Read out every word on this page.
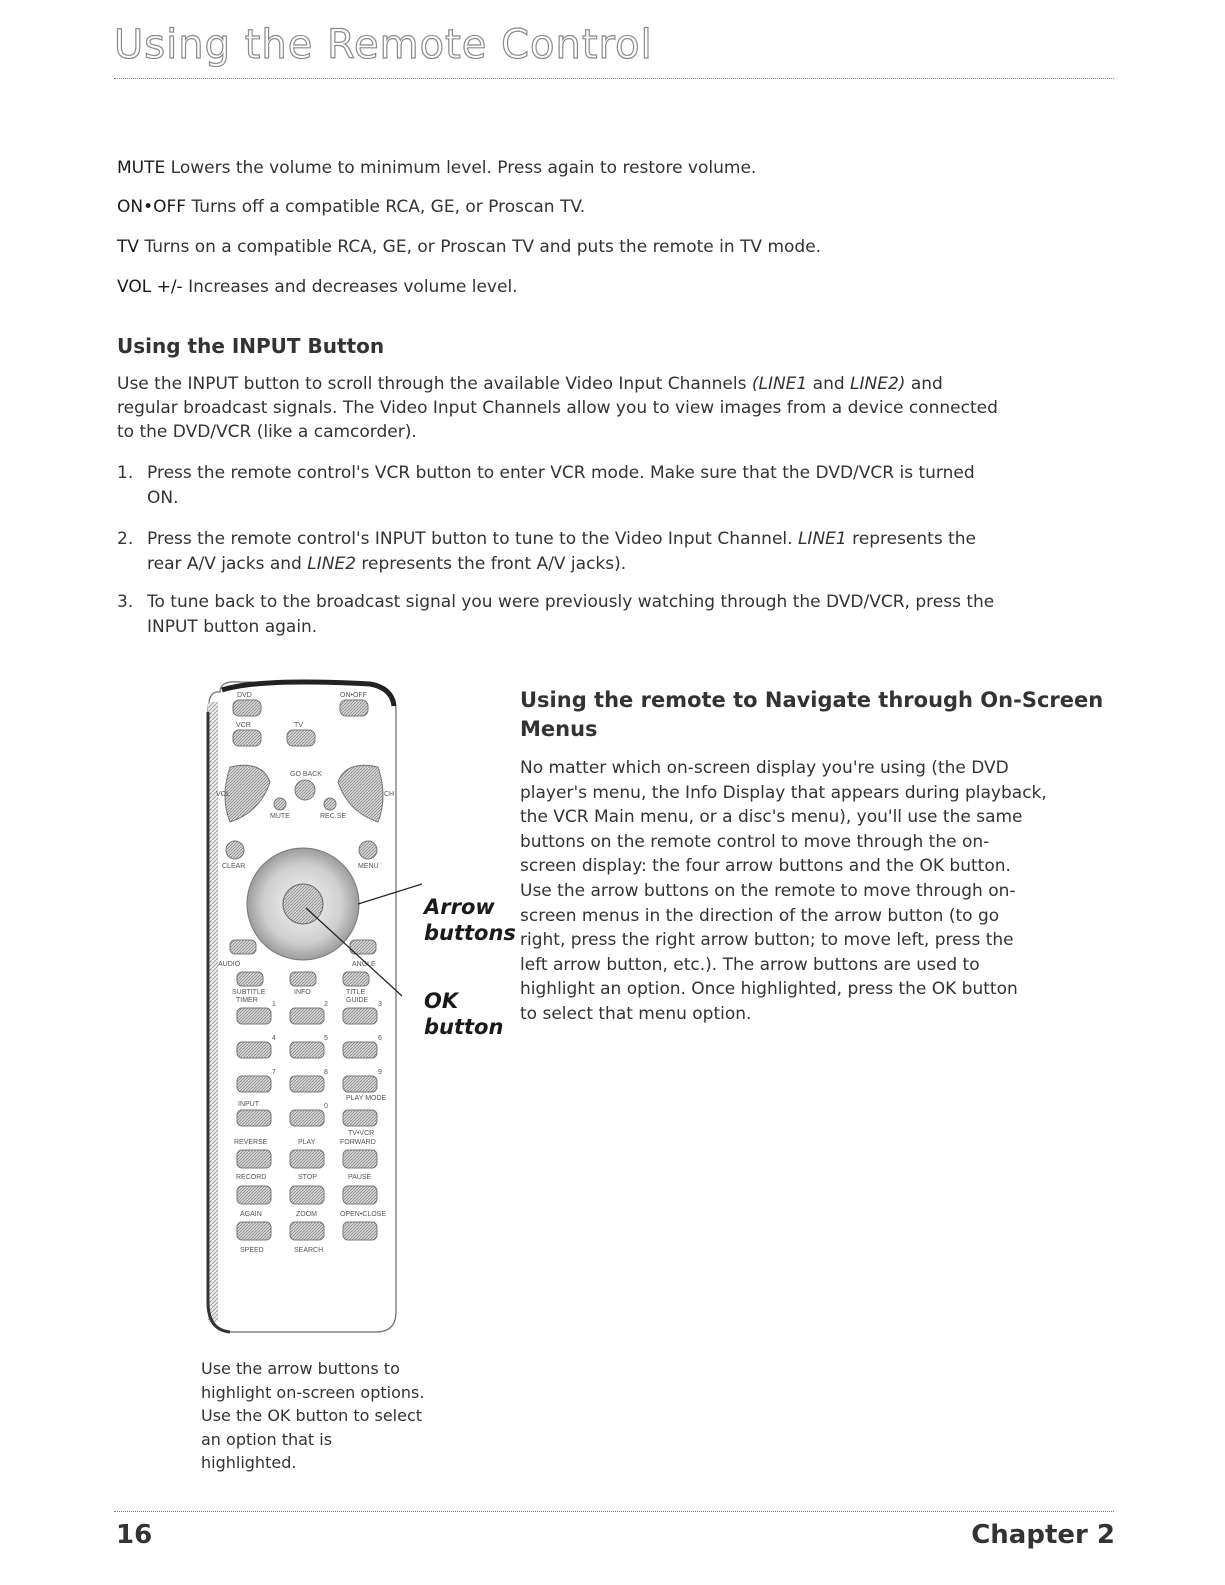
Using the Remote Control
MUTE Lowers the volume to minimum level. Press again to restore volume.
ON•OFF Turns off a compatible RCA, GE, or Proscan TV.
TV Turns on a compatible RCA, GE, or Proscan TV and puts the remote in TV mode.
VOL +/- Increases and decreases volume level.
Using the INPUT Button
Use the INPUT button to scroll through the available Video Input Channels (LINE1 and LINE2) and
regular broadcast signals. The Video Input Channels allow you to view images from a device connected
to the DVD/VCR (like a camcorder).
1. Press the remote control's VCR button to enter VCR mode. Make sure that the DVD/VCR is turned
ON.
2. Press the remote control's INPUT button to tune to the Video Input Channel. LINE1 represents the
rear A/V jacks and LINE2 represents the front A/V jacks).
3. To tune back to the broadcast signal you were previously watching through the DVD/VCR, press the
INPUT button again.
Using the remote to Navigate through On-Screen
Menus
No matter which on-screen display you're using (the DVD
player's menu, the Info Display that appears during playback,
the VCR Main menu, or a disc's menu), you'll use the same
buttons on the remote control to move through the on-
screen display: the four arrow buttons and the OK button.
Use the arrow buttons on the remote to move through on-
screen menus in the direction of the arrow button (to go
right, press the right arrow button; to move left, press the
left arrow button, etc.). The arrow buttons are used to
highlight an option. Once highlighted, press the OK button
to select that menu option.
DVD	ON•OFF
VCR	TV
GO BACK
VOL	CH
MUTE	REC.SE
CLEAR	MENU
AUDIO	ANGLE
SUBTITLE	INFO	TITLE
TIMER	GUIDE
1	2	3
4	5	6
7	8	9
0
INPUT
PLAY MODE
TV•VCR
REVERSE	PLAY	FORWARD
RECORD	STOP	PAUSE
AGAIN	ZOOM	OPEN•CLOSE
SPEED	SEARCH
Arrow
buttons
OK
button
Use the arrow buttons to
highlight on-screen options.
Use the OK button to select
an option that is
highlighted.
16	Chapter 2
